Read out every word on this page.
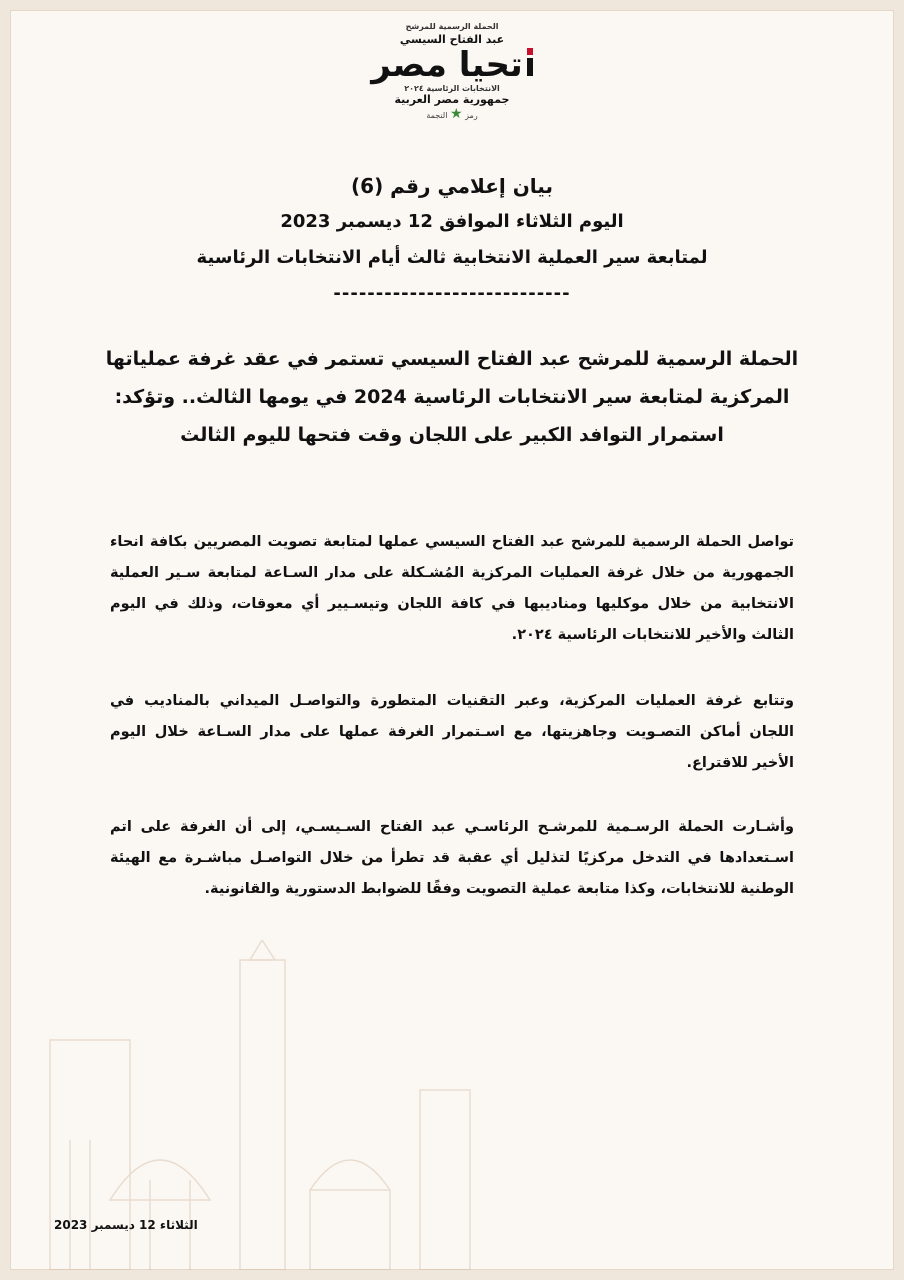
الحملة الرسمية للمرشح
عبد الفتاح السيسي
تحيا مصر
الانتخابات الرئاسية ٢٠٢٤
جمهورية مصر العربية
رمز ★ النجمة
بيان إعلامي رقم (6)
اليوم الثلاثاء الموافق 12 ديسمبر 2023
لمتابعة سير العملية الانتخابية ثالث أيام الانتخابات الرئاسية
----------------------------
الحملة الرسمية للمرشح عبد الفتاح السيسي تستمر في عقد غرفة عملياتها المركزية لمتابعة سير الانتخابات الرئاسية 2024 في يومها الثالث.. وتؤكد: استمرار التوافد الكبير على اللجان وقت فتحها لليوم الثالث
تواصل الحملة الرسمية للمرشح عبد الفتاح السيسي عملها لمتابعة تصويت المصريين بكافة انحاء الجمهورية من خلال غرفة العمليات المركزية المُشـكلة على مدار السـاعة لمتابعة سـير العملية الانتخابية من خلال موكليها ومناديبها في كافة اللجان وتيسـيير أي معوقات، وذلك في اليوم الثالث والأخير للانتخابات الرئاسية ٢٠٢٤.
وتتابع غرفة العمليات المركزية، وعبر التقنيات المتطورة والتواصـل الميداني بالمناديب في اللجان أماكن التصـويت وجاهزيتها، مع اسـتمرار الغرفة عملها على مدار السـاعة خلال اليوم الأخير للاقتراع.
وأشـارت الحملة الرسـمية للمرشـح الرئاسـي عبد الفتاح السـيسـي، إلى أن الغرفة على اتم اسـتعدادها في التدخل مركزيًا لتذليل أي عقبة قد تطرأ من خلال التواصـل مباشـرة مع الهيئة الوطنية للانتخابات، وكذا متابعة عملية التصويت وفقًا للضوابط الدستورية والقانونية.
الثلاثاء 12 ديسمبر 2023
